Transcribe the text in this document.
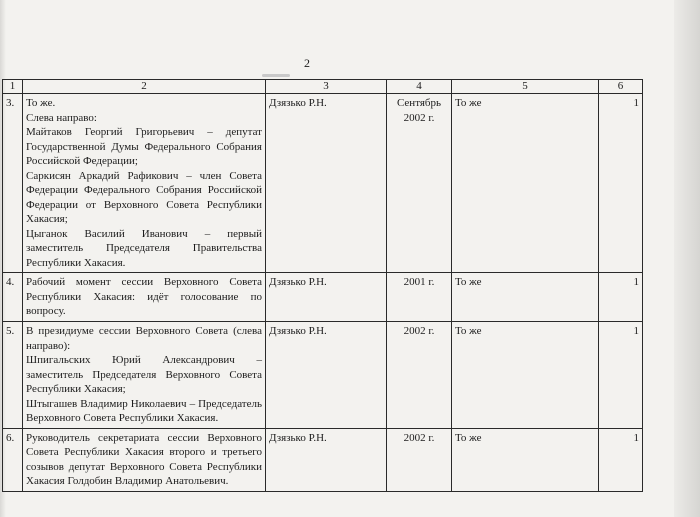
2
1	2	3	4	5	6
3.	То же.

Слева направо:

Майтаков Георгий Григорьевич – депутат Государственной Думы Федерального Собрания Российской Федерации;

Саркисян Аркадий Рафикович – член Совета Федерации Федерального Собрания Российской Федерации от Верховного Совета Республики Хакасия;

Цыганок Василий Иванович – первый заместитель Председателя Правительства Республики Хакасия.	Дзязько Р.Н.	Сентябрь 2002 г.	То же	1
4.	Рабочий момент сессии Верховного Совета Республики Хакасия: идёт голосование по вопросу.	Дзязько Р.Н.	2001 г.	То же	1
5.	В президиуме сессии Верховного Совета (слева направо):

Шпигальских Юрий Александрович – заместитель Председателя Верховного Совета Республики Хакасия;

Штыгашев Владимир Николаевич – Председатель Верховного Совета Республики Хакасия.	Дзязько Р.Н.	2002 г.	То же	1
6.	Руководитель секретариата сессии Верховного Совета Республики Хакасия второго и третьего созывов депутат Верховного Совета Республики Хакасия Голдобин Владимир Анатольевич.	Дзязько Р.Н.	2002 г.	То же	1
